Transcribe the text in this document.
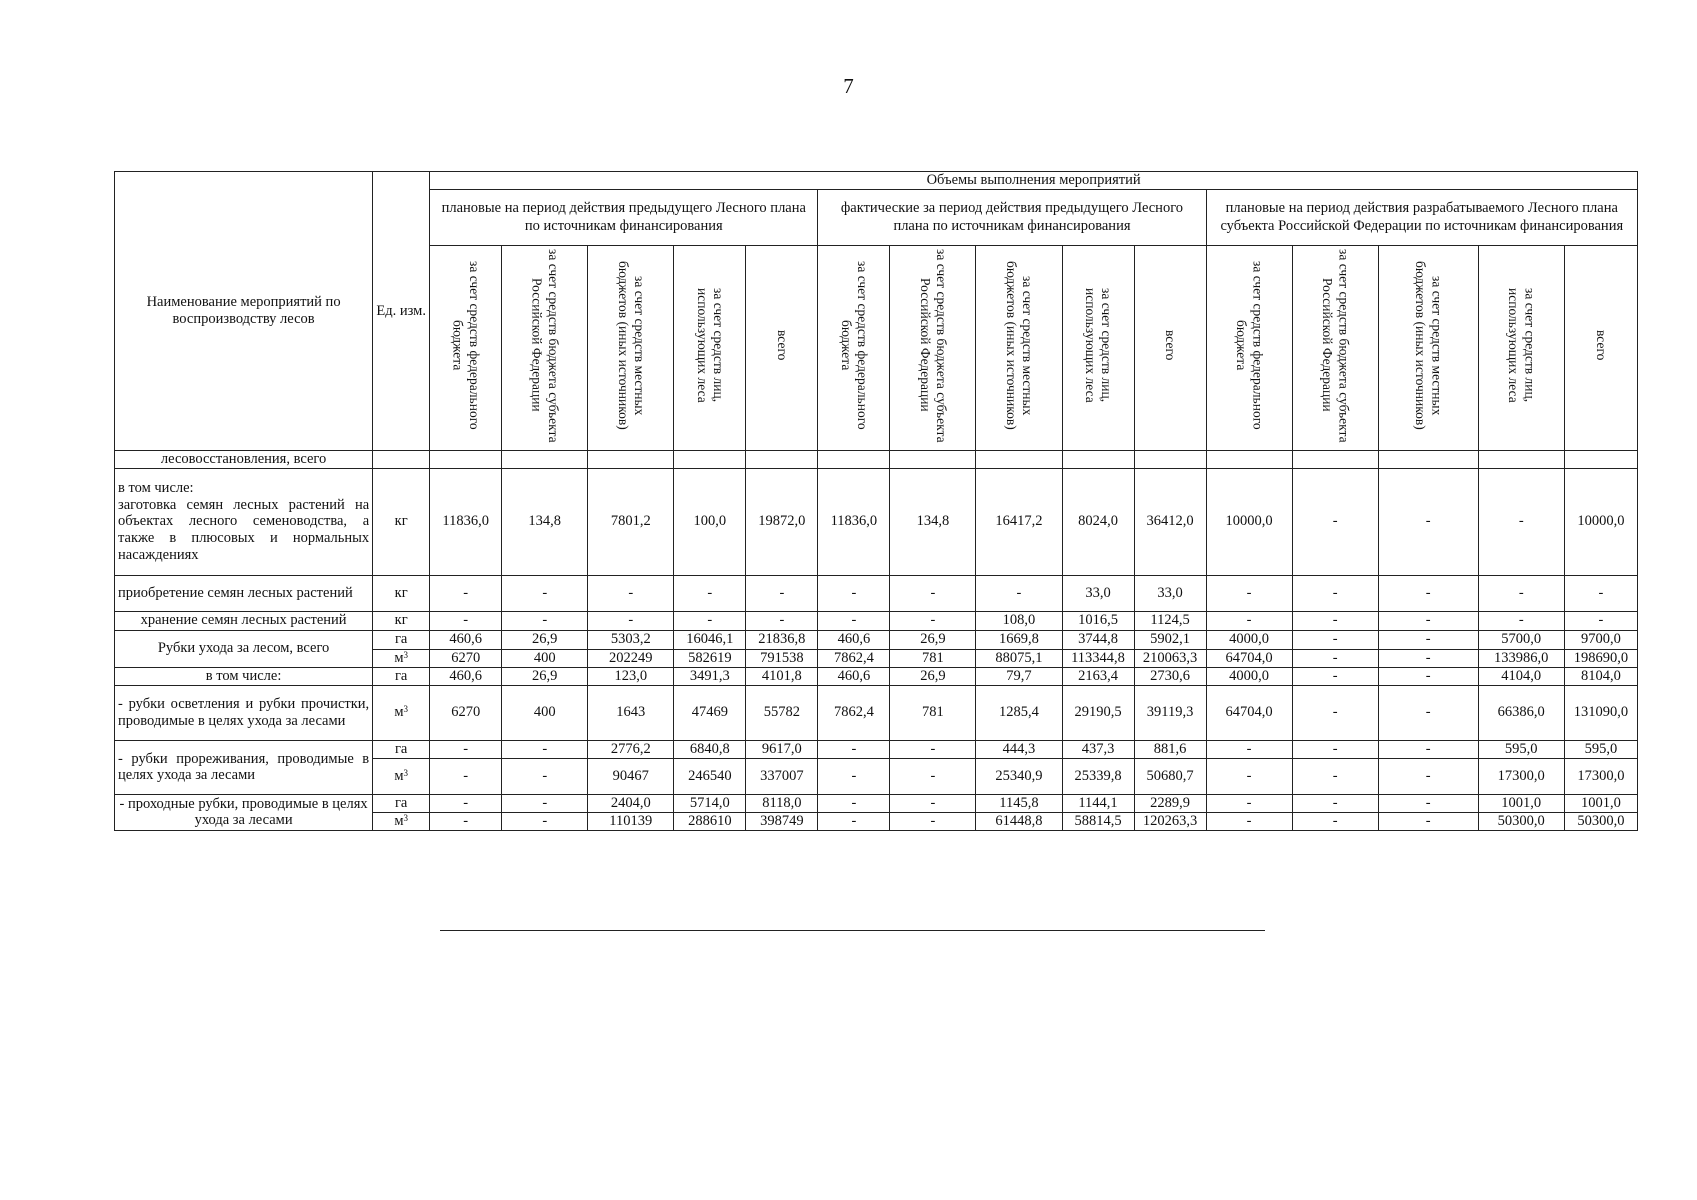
7
Наименование мероприятий по воспроизводству лесов	Ед. изм.	Объемы выполнения мероприятий														
		плановые на период действия предыдущего Лесного плана по источникам финансирования					фактические за период действия предыдущего Лесного плана по источникам финансирования					плановые на период действия разрабатываемого Лесного плана субъекта Российской Федерации по источникам финансирования				
		за счет средств федерального бюджета	за счет средств бюджета субъекта Российской Федерации	за счет средств местных бюджетов (иных источников)	за счет средств лиц, использующих леса	всего	за счет средств федерального бюджета	за счет средств бюджета субъекта Российской Федерации	за счет средств местных бюджетов (иных источников)	за счет средств лиц, использующих леса	всего	за счет средств федерального бюджета	за счет средств бюджета субъекта Российской Федерации	за счет средств местных бюджетов (иных источников)	за счет средств лиц, использующих леса	всего
лесовосстановления, всего																
в том числе:
заготовка семян лесных растений на объектах лесного семеноводства, а также в плюсовых и нормальных насаждениях	кг	11836,0	134,8	7801,2	100,0	19872,0	11836,0	134,8	16417,2	8024,0	36412,0	10000,0	-	-	-	10000,0
приобретение семян лесных растений	кг	-	-	-	-	-	-	-	-	33,0	33,0	-	-	-	-	-
хранение семян лесных растений	кг	-	-	-	-	-	-	-	108,0	1016,5	1124,5	-	-	-	-	-
Рубки ухода за лесом, всего	га	460,6	26,9	5303,2	16046,1	21836,8	460,6	26,9	1669,8	3744,8	5902,1	4000,0	-	-	5700,0	9700,0
	$м^3$	6270	400	202249	582619	791538	7862,4	781	88075,1	113344,8	210063,3	64704,0	-	-	133986,0	198690,0
в том числе:	га	460,6	26,9	123,0	3491,3	4101,8	460,6	26,9	79,7	2163,4	2730,6	4000,0	-	-	4104,0	8104,0
- рубки осветления и рубки прочистки, проводимые в целях ухода за лесами	$м^3$	6270	400	1643	47469	55782	7862,4	781	1285,4	29190,5	39119,3	64704,0	-	-	66386,0	131090,0
- рубки прореживания, проводимые в целях ухода за лесами	га	-	-	2776,2	6840,8	9617,0	-	-	444,3	437,3	881,6	-	-	-	595,0	595,0
	$м^3$	-	-	90467	246540	337007	-	-	25340,9	25339,8	50680,7	-	-	-	17300,0	17300,0
- проходные рубки, проводимые в целях ухода за лесами	га	-	-	2404,0	5714,0	8118,0	-	-	1145,8	1144,1	2289,9	-	-	-	1001,0	1001,0
	$м^3$	-	-	110139	288610	398749	-	-	61448,8	58814,5	120263,3	-	-	-	50300,0	50300,0
